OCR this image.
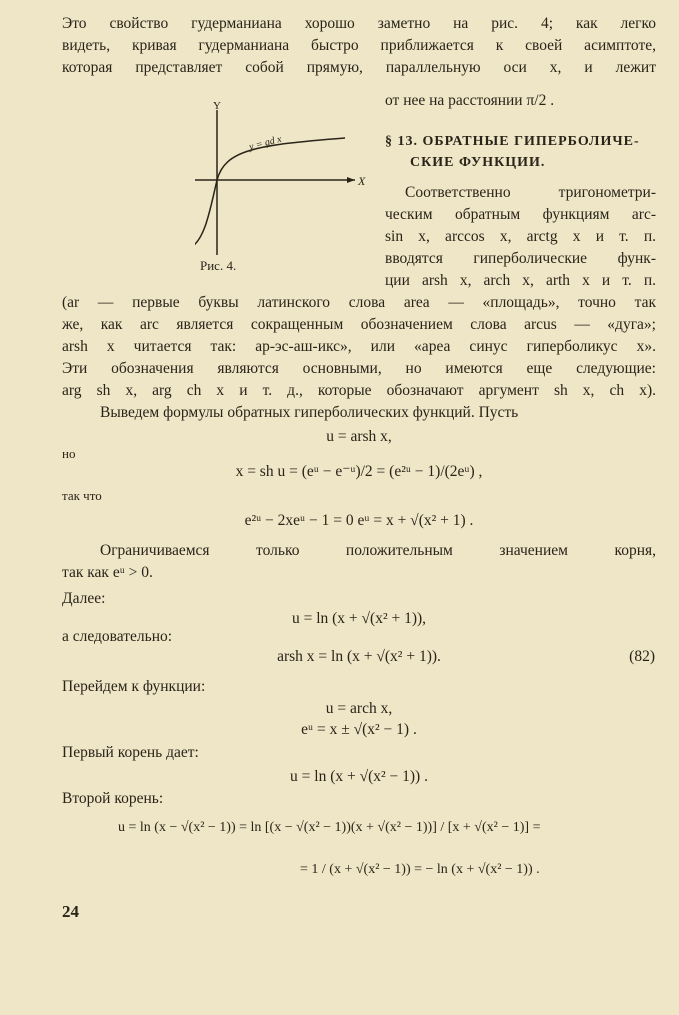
Это свойство гудерманиана хорошо заметно на рис. 4; как легко
видеть, кривая гудерманиана быстро приближается к своей асимптоте,
которая представляет собой прямую, параллельную оси x, и лежит
от нее на расстоянии π/2 .
Y
X
y = gd x
Рис. 4.
§ 13. ОБРАТНЫЕ ГИПЕРБОЛИЧЕ-
СКИЕ ФУНКЦИИ.
Соответственно тригонометри-
ческим обратным функциям arc-
sin x, arccos x, arctg x и т. п.
вводятся гиперболические функ-
ции arsh x, arch x, arth x и т. п.
(ar — первые буквы латинского слова area — «площадь», точно так
же, как arc является сокращенным обозначением слова arcus — «дуга»;
arsh x читается так: ар-эс-аш-икс», или «ареа синус гиперболикус x».
Эти обозначения являются основными, но имеются еще следующие:
arg sh x, arg ch x и т. д., которые обозначают аргумент sh x, ch x).
Выведем формулы обратных гиперболических функций. Пусть
u = arsh x,
но
x = sh u = (eᵘ − e⁻ᵘ)/2 = (e²ᵘ − 1)/(2eᵘ) ,
так что
e²ᵘ − 2xeᵘ − 1 = 0 eᵘ = x + √(x² + 1) .
Ограничиваемся только положительным значением корня,
так как eᵘ > 0.
Далее:
u = ln (x + √(x² + 1)),
а следовательно:
arsh x = ln (x + √(x² + 1)).	(82)
Перейдем к функции:
u = arch x,
eᵘ = x ± √(x² − 1) .
Первый корень дает:
u = ln (x + √(x² − 1)) .
Второй корень:
u = ln (x − √(x² − 1)) = ln [(x − √(x² − 1))(x + √(x² − 1))] / [x + √(x² − 1)] =
= 1 / (x + √(x² − 1)) = − ln (x + √(x² − 1)) .
24
